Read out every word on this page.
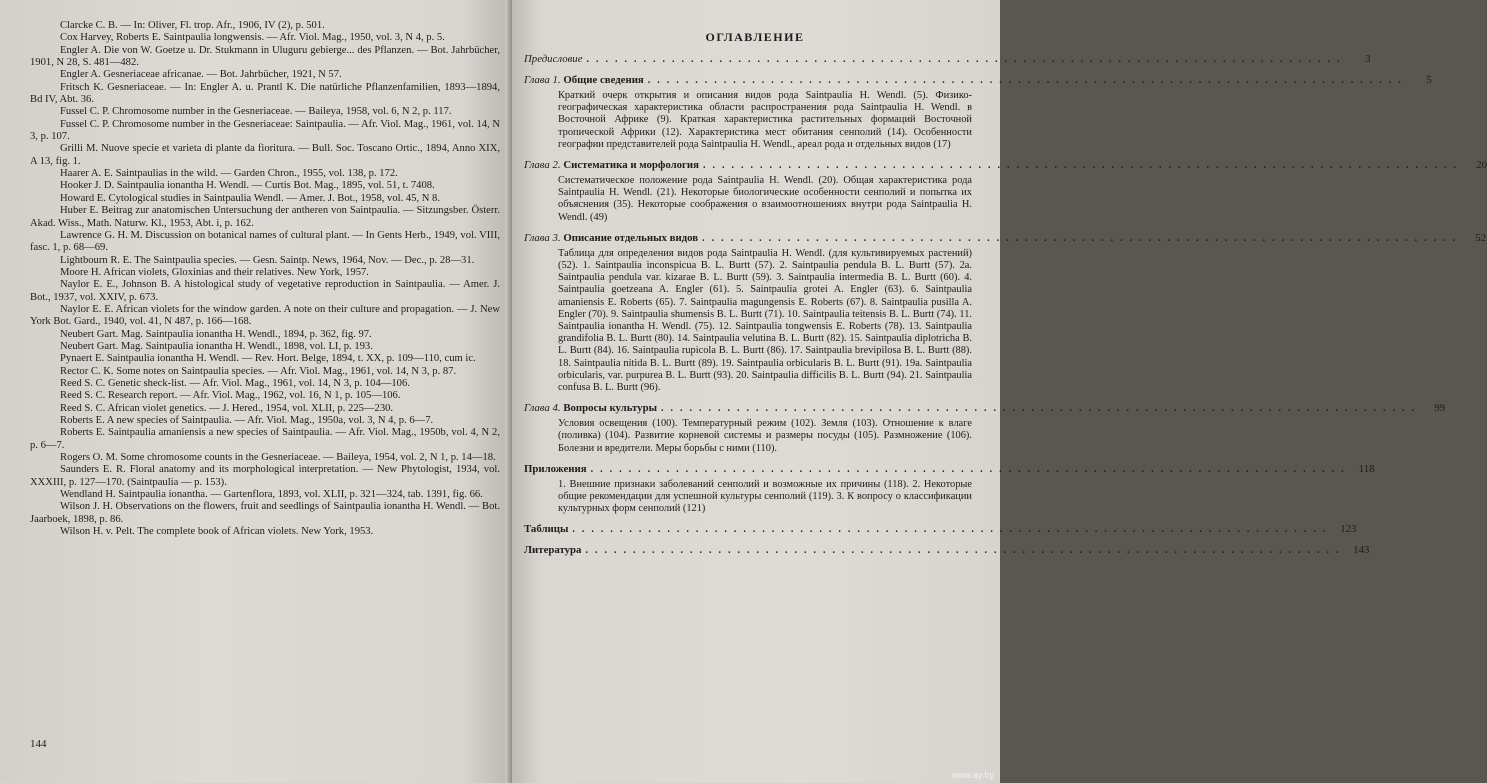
Clarcke C. B. — In: Oliver, Fl. trop. Afr., 1906, IV (2), p. 501.

Cox Harvey, Roberts E. Saintpaulia longwensis. — Afr. Viol. Mag., 1950, vol. 3, N 4, p. 5.

Engler A. Die von W. Goetze u. Dr. Stukmann in Uluguru gebierge... des Pflanzen. — Bot. Jahrbücher, 1901, N 28, S. 481—482.

Engler A. Gesneriaceae africanae. — Bot. Jahrbücher, 1921, N 57.

Fritsch K. Gesneriaceae. — In: Engler A. u. Prantl K. Die natürliche Pflanzenfamilien, 1893—1894, Bd IV, Abt. 36.

Fussel C. P. Chromosome number in the Gesneriaceae. — Baileya, 1958, vol. 6, N 2, p. 117.

Fussel C. P. Chromosome number in the Gesneriaceae: Saintpaulia. — Afr. Viol. Mag., 1961, vol. 14, N 3, p. 107.

Grilli M. Nuove specie et varieta di plante da fioritura. — Bull. Soc. Toscano Ortic., 1894, Anno XIX, A 13, fig. 1.

Haarer A. E. Saintpaulias in the wild. — Garden Chron., 1955, vol. 138, p. 172.

Hooker J. D. Saintpaulia ionantha H. Wendl. — Curtis Bot. Mag., 1895, vol. 51, t. 7408.

Howard E. Cytological studies in Saintpaulia Wendl. — Amer. J. Bot., 1958, vol. 45, N 8.

Huber E. Beitrag zur anatomischen Untersuchung der antheren von Saintpaulia. — Sitzungsber. Österr. Akad. Wiss., Math. Naturw. Kl., 1953, Abt. i, p. 162.

Lawrence G. H. M. Discussion on botanical names of cultural plant. — In Gents Herb., 1949, vol. VIII, fasc. 1, p. 68—69.

Lightbourn R. E. The Saintpaulia species. — Gesn. Saintp. News, 1964, Nov. — Dec., p. 28—31.

Moore H. African violets, Gloxinias and their relatives. New York, 1957.

Naylor E. E., Johnson B. A histological study of vegetative reproduction in Saintpaulia. — Amer. J. Bot., 1937, vol. XXIV, p. 673.

Naylor E. E. African violets for the window garden. A note on their culture and propagation. — J. New York Bot. Gard., 1940, vol. 41, N 487, p. 166—168.

Neubert Gart. Mag. Saintpaulia ionantha H. Wendl., 1894, p. 362, fig. 97.

Neubert Gart. Mag. Saintpaulia ionantha H. Wendl., 1898, vol. LI, p. 193.

Pynaert E. Saintpaulia ionantha H. Wendl. — Rev. Hort. Belge, 1894, t. XX, p. 109—110, cum ic.

Rector C. K. Some notes on Saintpaulia species. — Afr. Viol. Mag., 1961, vol. 14, N 3, p. 87.

Reed S. C. Genetic sheck-list. — Afr. Viol. Mag., 1961, vol. 14, N 3, p. 104—106.

Reed S. C. Research report. — Afr. Viol. Mag., 1962, vol. 16, N 1, p. 105—106.

Reed S. C. African violet genetics. — J. Hered., 1954, vol. XLII, p. 225—230.

Roberts E. A new species of Saintpaulia. — Afr. Viol. Mag., 1950a, vol. 3, N 4, p. 6—7.

Roberts E. Saintpaulia amaniensis a new species of Saintpaulia. — Afr. Viol. Mag., 1950b, vol. 4, N 2, p. 6—7.

Rogers O. M. Some chromosome counts in the Gesneriaceae. — Baileya, 1954, vol. 2, N 1, p. 14—18.

Saunders E. R. Floral anatomy and its morphological interpretation. — New Phytologist, 1934, vol. XXXIII, p. 127—170. (Saintpaulia — p. 153).

Wendland H. Saintpaulia ionantha. — Gartenflora, 1893, vol. XLII, p. 321—324, tab. 1391, fig. 66.

Wilson J. H. Observations on the flowers, fruit and seedlings of Saintpaulia ionantha H. Wendl. — Bot. Jaarboek, 1898, p. 86.

Wilson H. v. Pelt. The complete book of African violets. New York, 1953.

144
ОГЛАВЛЕНИЕ
Предисловие ................................................................................	3
Глава 1. Общие сведения ................................................................................	5
Краткий очерк открытия и описания видов рода Saintpaulia H. Wendl. (5). Физико-географическая характеристика области распространения рода Saintpaulia H. Wendl. в Восточной Африке (9). Краткая характеристика растительных формаций Восточной тропической Африки (12). Характеристика мест обитания сенполий (14). Особенности географии представителей рода Saintpaulia H. Wendl., ареал рода и отдельных видов (17)
Глава 2. Систематика и морфология ................................................................................	20
Систематическое положение рода Saintpaulia H. Wendl. (20). Общая характеристика рода Saintpaulia H. Wendl. (21). Некоторые биологические особенности сенполий и попытка их объяснения (35). Некоторые соображения о взаимоотношениях внутри рода Saintpaulia H. Wendl. (49)
Глава 3. Описание отдельных видов ................................................................................	52
Таблица для определения видов рода Saintpaulia H. Wendl. (для культивируемых растений) (52). 1. Saintpaulia inconspicua B. L. Burtt (57). 2. Saintpaulia pendula B. L. Burtt (57). 2a. Saintpaulia pendula var. kizarae B. L. Burtt (59). 3. Saintpaulia intermedia B. L. Burtt (60). 4. Saintpaulia goetzeana A. Engler (61). 5. Saintpaulia grotei A. Engler (63). 6. Saintpaulia amaniensis E. Roberts (65). 7. Saintpaulia magungensis E. Roberts (67). 8. Saintpaulia pusilla A. Engler (70). 9. Saintpaulia shumensis B. L. Burtt (71). 10. Saintpaulia teitensis B. L. Burtt (74). 11. Saintpaulia ionantha H. Wendl. (75). 12. Saintpaulia tongwensis E. Roberts (78). 13. Saintpaulia grandifolia B. L. Burtt (80). 14. Saintpaulia velutina B. L. Burtt (82). 15. Saintpaulia diplotricha B. L. Burtt (84). 16. Saintpaulia rupicola B. L. Burtt (86). 17. Saintpaulia brevipilosa B. L. Burtt (88). 18. Saintpaulia nitida B. L. Burtt (89). 19. Saintpaulia orbicularis B. L. Burtt (91). 19a. Saintpaulia orbicularis, var. purpurea B. L. Burtt (93). 20. Saintpaulia difficilis B. L. Burtt (94). 21. Saintpaulia confusa B. L. Burtt (96).
Глава 4. Вопросы культуры ................................................................................	99
Условия освещения (100). Температурный режим (102). Земля (103). Отношение к влаге (поливка) (104). Развитие корневой системы и размеры посуды (105). Размножение (106). Болезни и вредители. Меры борьбы с ними (110).
Приложения ................................................................................ 118
1. Внешние признаки заболеваний сенполий и возможные их причины (118). 2. Некоторые общие рекомендации для успешной культуры сенполий (119). 3. К вопросу о классификации культурных форм сенполий (121)
Таблицы ................................................................................ 123
Литература ................................................................................ 143
www.ay.by
